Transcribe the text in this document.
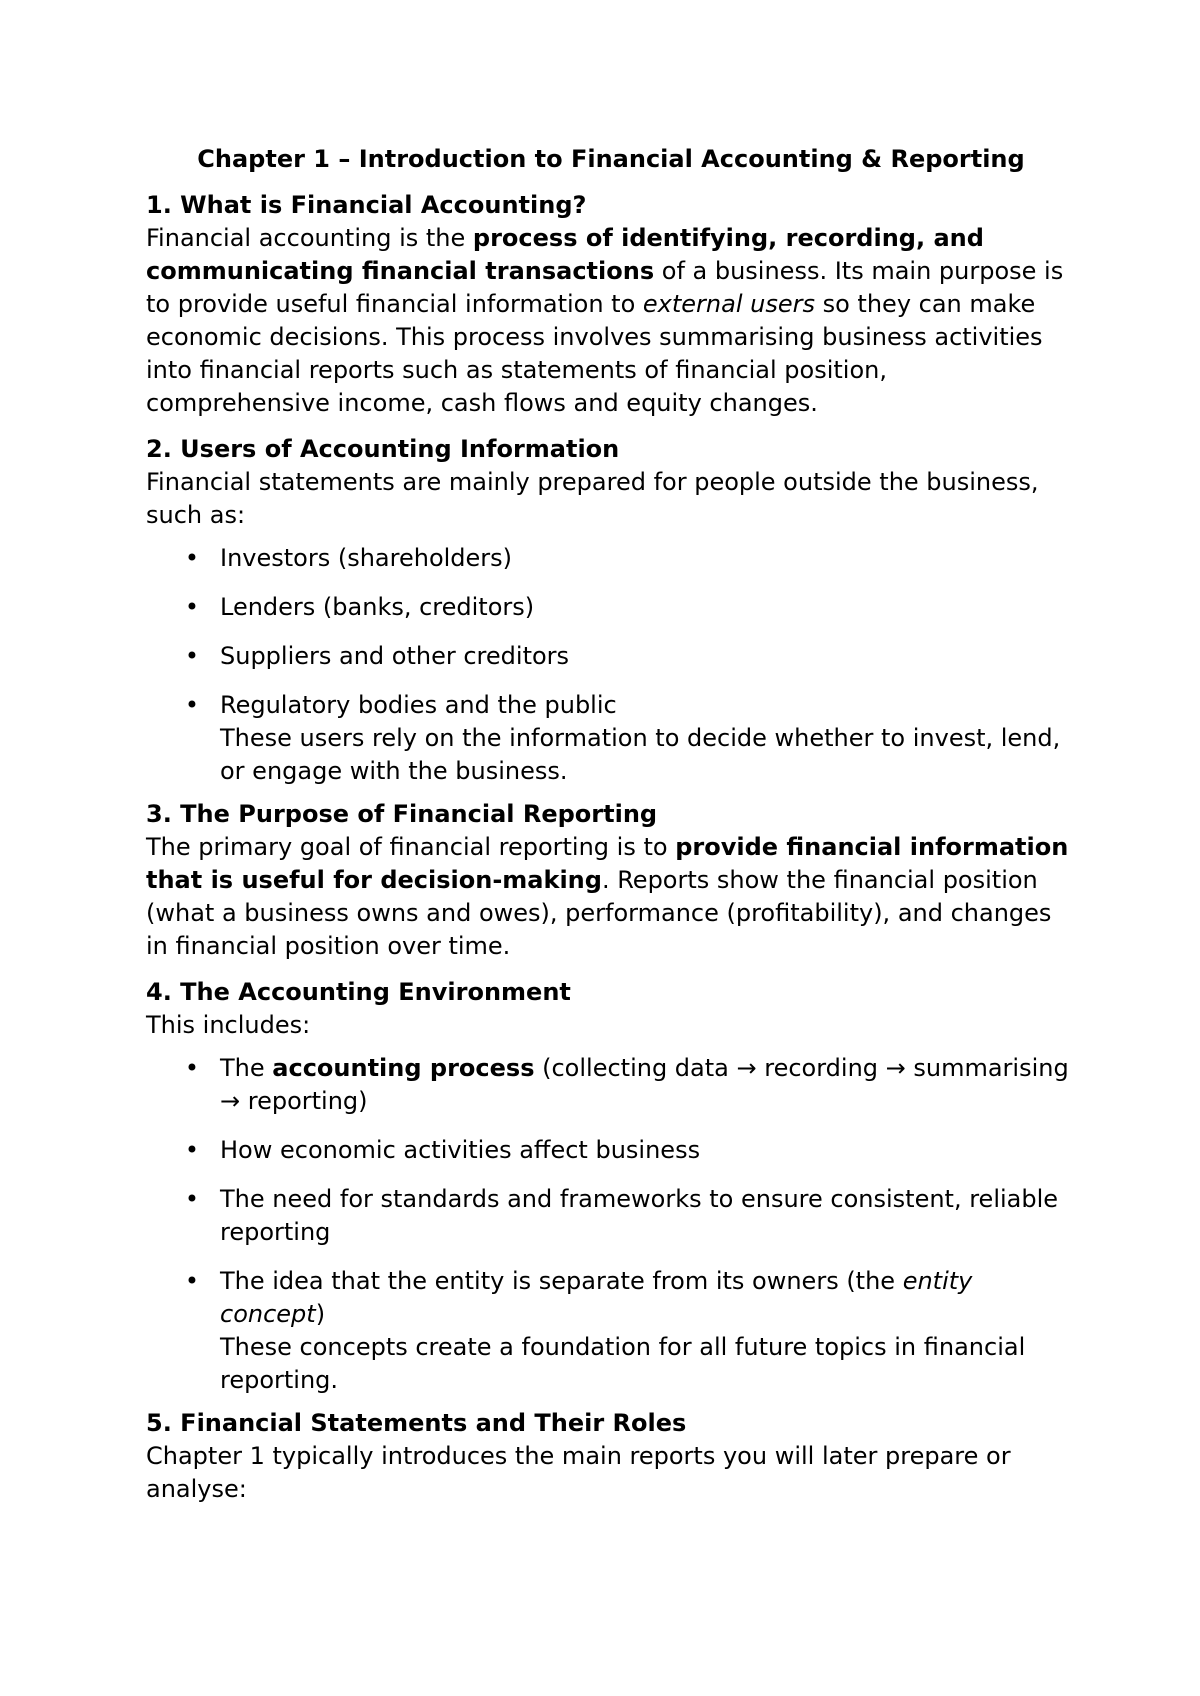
Chapter 1 – Introduction to Financial Accounting & Reporting
1. What is Financial Accounting?

Financial accounting is the process of identifying, recording, and communicating financial transactions of a business. Its main purpose is to provide useful financial information to external users so they can make economic decisions. This process involves summarising business activities into financial reports such as statements of financial position, comprehensive income, cash flows and equity changes.

2. Users of Accounting Information

Financial statements are mainly prepared for people outside the business, such as:

• Investors (shareholders)
• Lenders (banks, creditors)
• Suppliers and other creditors
• Regulatory bodies and the public
These users rely on the information to decide whether to invest, lend, or engage with the business.
3. The Purpose of Financial Reporting

The primary goal of financial reporting is to provide financial information that is useful for decision-making. Reports show the financial position (what a business owns and owes), performance (profitability), and changes in financial position over time.

4. The Accounting Environment

This includes:

• The accounting process (collecting data → recording → summarising → reporting)
• How economic activities affect business
• The need for standards and frameworks to ensure consistent, reliable reporting
• The idea that the entity is separate from its owners (the entity concept)
These concepts create a foundation for all future topics in financial reporting.
5. Financial Statements and Their Roles

Chapter 1 typically introduces the main reports you will later prepare or analyse:
